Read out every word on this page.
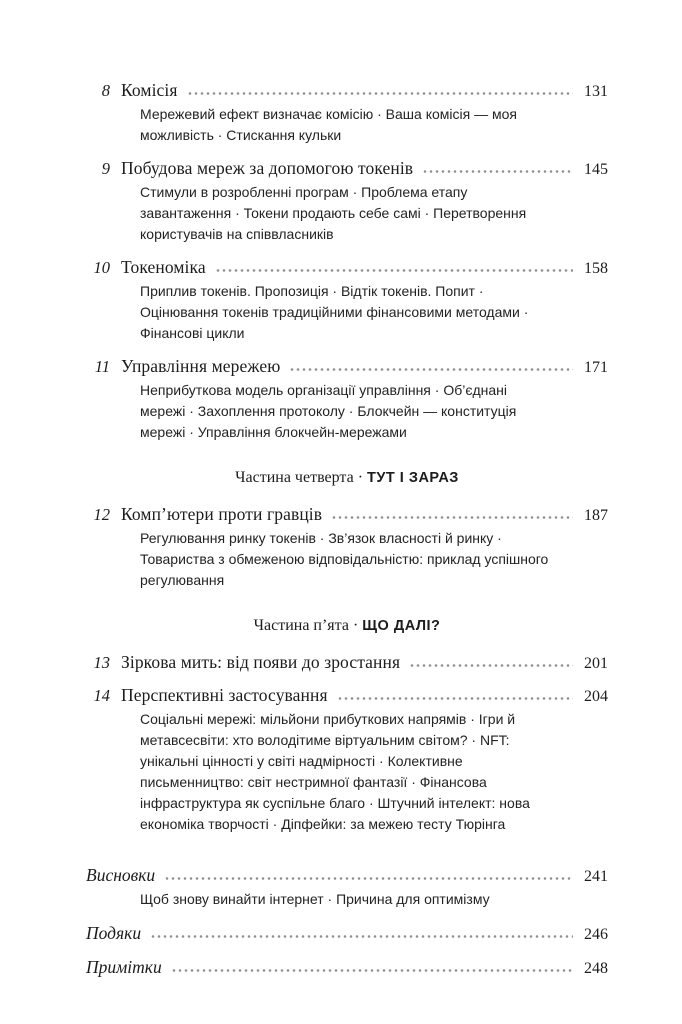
8 Комісія	131
Мережевий ефект визначає комісію · Ваша комісія — моя можливість · Стискання кульки
9 Побудова мереж за допомогою токенів	145
Стимули в розробленні програм · Проблема етапу завантаження · Токени продають себе самі · Перетворення користувачів на співвласників
10 Токеноміка	158
Приплив токенів. Пропозиція · Відтік токенів. Попит · Оцінювання токенів традиційними фінансовими методами · Фінансові цикли
11 Управління мережею	171
Неприбуткова модель організації управління · Об’єднані мережі · Захоплення протоколу · Блокчейн — конституція мережі · Управління блокчейн-мережами
Частина четверта · ТУТ І ЗАРАЗ
12 Комп’ютери проти гравців	187
Регулювання ринку токенів · Зв’язок власності й ринку · Товариства з обмеженою відповідальністю: приклад успішного регулювання
Частина п’ята · ЩО ДАЛІ?
13 Зіркова мить: від появи до зростання	201
14 Перспективні застосування	204
Соціальні мережі: мільйони прибуткових напрямів · Ігри й метавсесвіти: хто володітиме віртуальним світом? · NFT: унікальні цінності у світі надмірності · Колективне письменництво: світ нестримної фантазії · Фінансова інфраструктура як суспільне благо · Штучний інтелект: нова економіка творчості · Діпфейки: за межею тесту Тюрінга
Висновки	241
Щоб знову винайти інтернет · Причина для оптимізму
Подяки	246
Примітки	248
